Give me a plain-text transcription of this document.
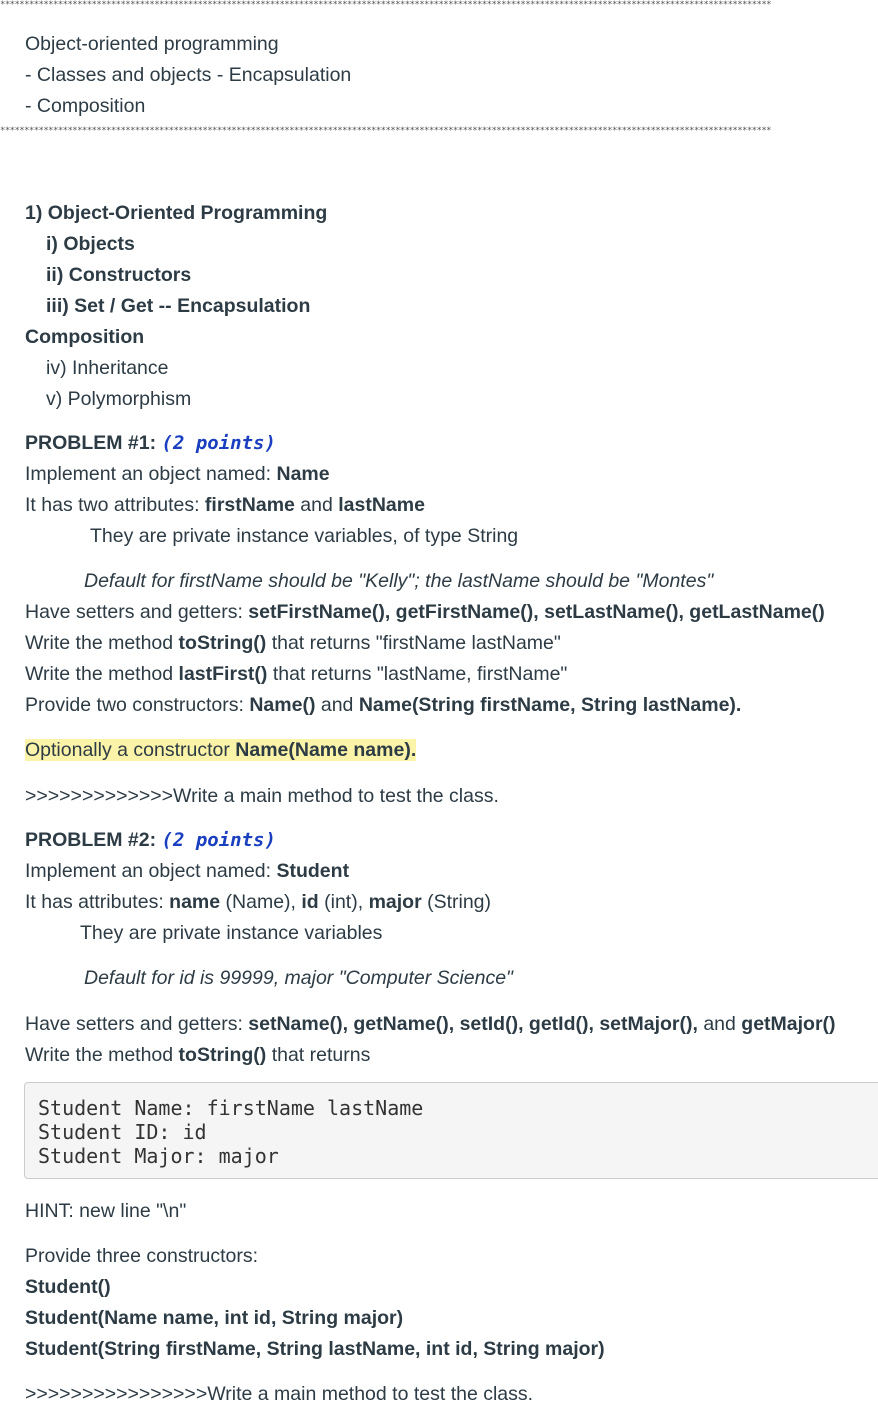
****************************************************************************************************************************************************************
Object-oriented programming
- Classes and objects - Encapsulation
- Composition
****************************************************************************************************************************************************************
1) Object-Oriented Programming
i) Objects
ii) Constructors
iii) Set / Get -- Encapsulation
Composition
iv) Inheritance
v) Polymorphism
PROBLEM #1: (2 points)
Implement an object named: Name
It has two attributes: firstName and lastName
They are private instance variables, of type String
Default for firstName should be "Kelly"; the lastName should be "Montes"
Have setters and getters: setFirstName(), getFirstName(), setLastName(), getLastName()
Write the method toString() that returns "firstName lastName"
Write the method lastFirst() that returns "lastName, firstName"
Provide two constructors: Name() and Name(String firstName, String lastName).
Optionally a constructor Name(Name name).
>>>>>>>>>>>>>Write a main method to test the class.
PROBLEM #2: (2 points)
Implement an object named: Student
It has attributes: name (Name), id (int), major (String)
They are private instance variables
Default for id is 99999, major "Computer Science"
Have setters and getters: setName(), getName(), setId(), getId(), setMajor(), and getMajor()
Write the method toString() that returns
Student Name: firstName lastName
Student ID: id
Student Major: major
HINT: new line "\n"
Provide three constructors:
Student()
Student(Name name, int id, String major)
Student(String firstName, String lastName, int id, String major)
>>>>>>>>>>>>>>>>Write a main method to test the class.
